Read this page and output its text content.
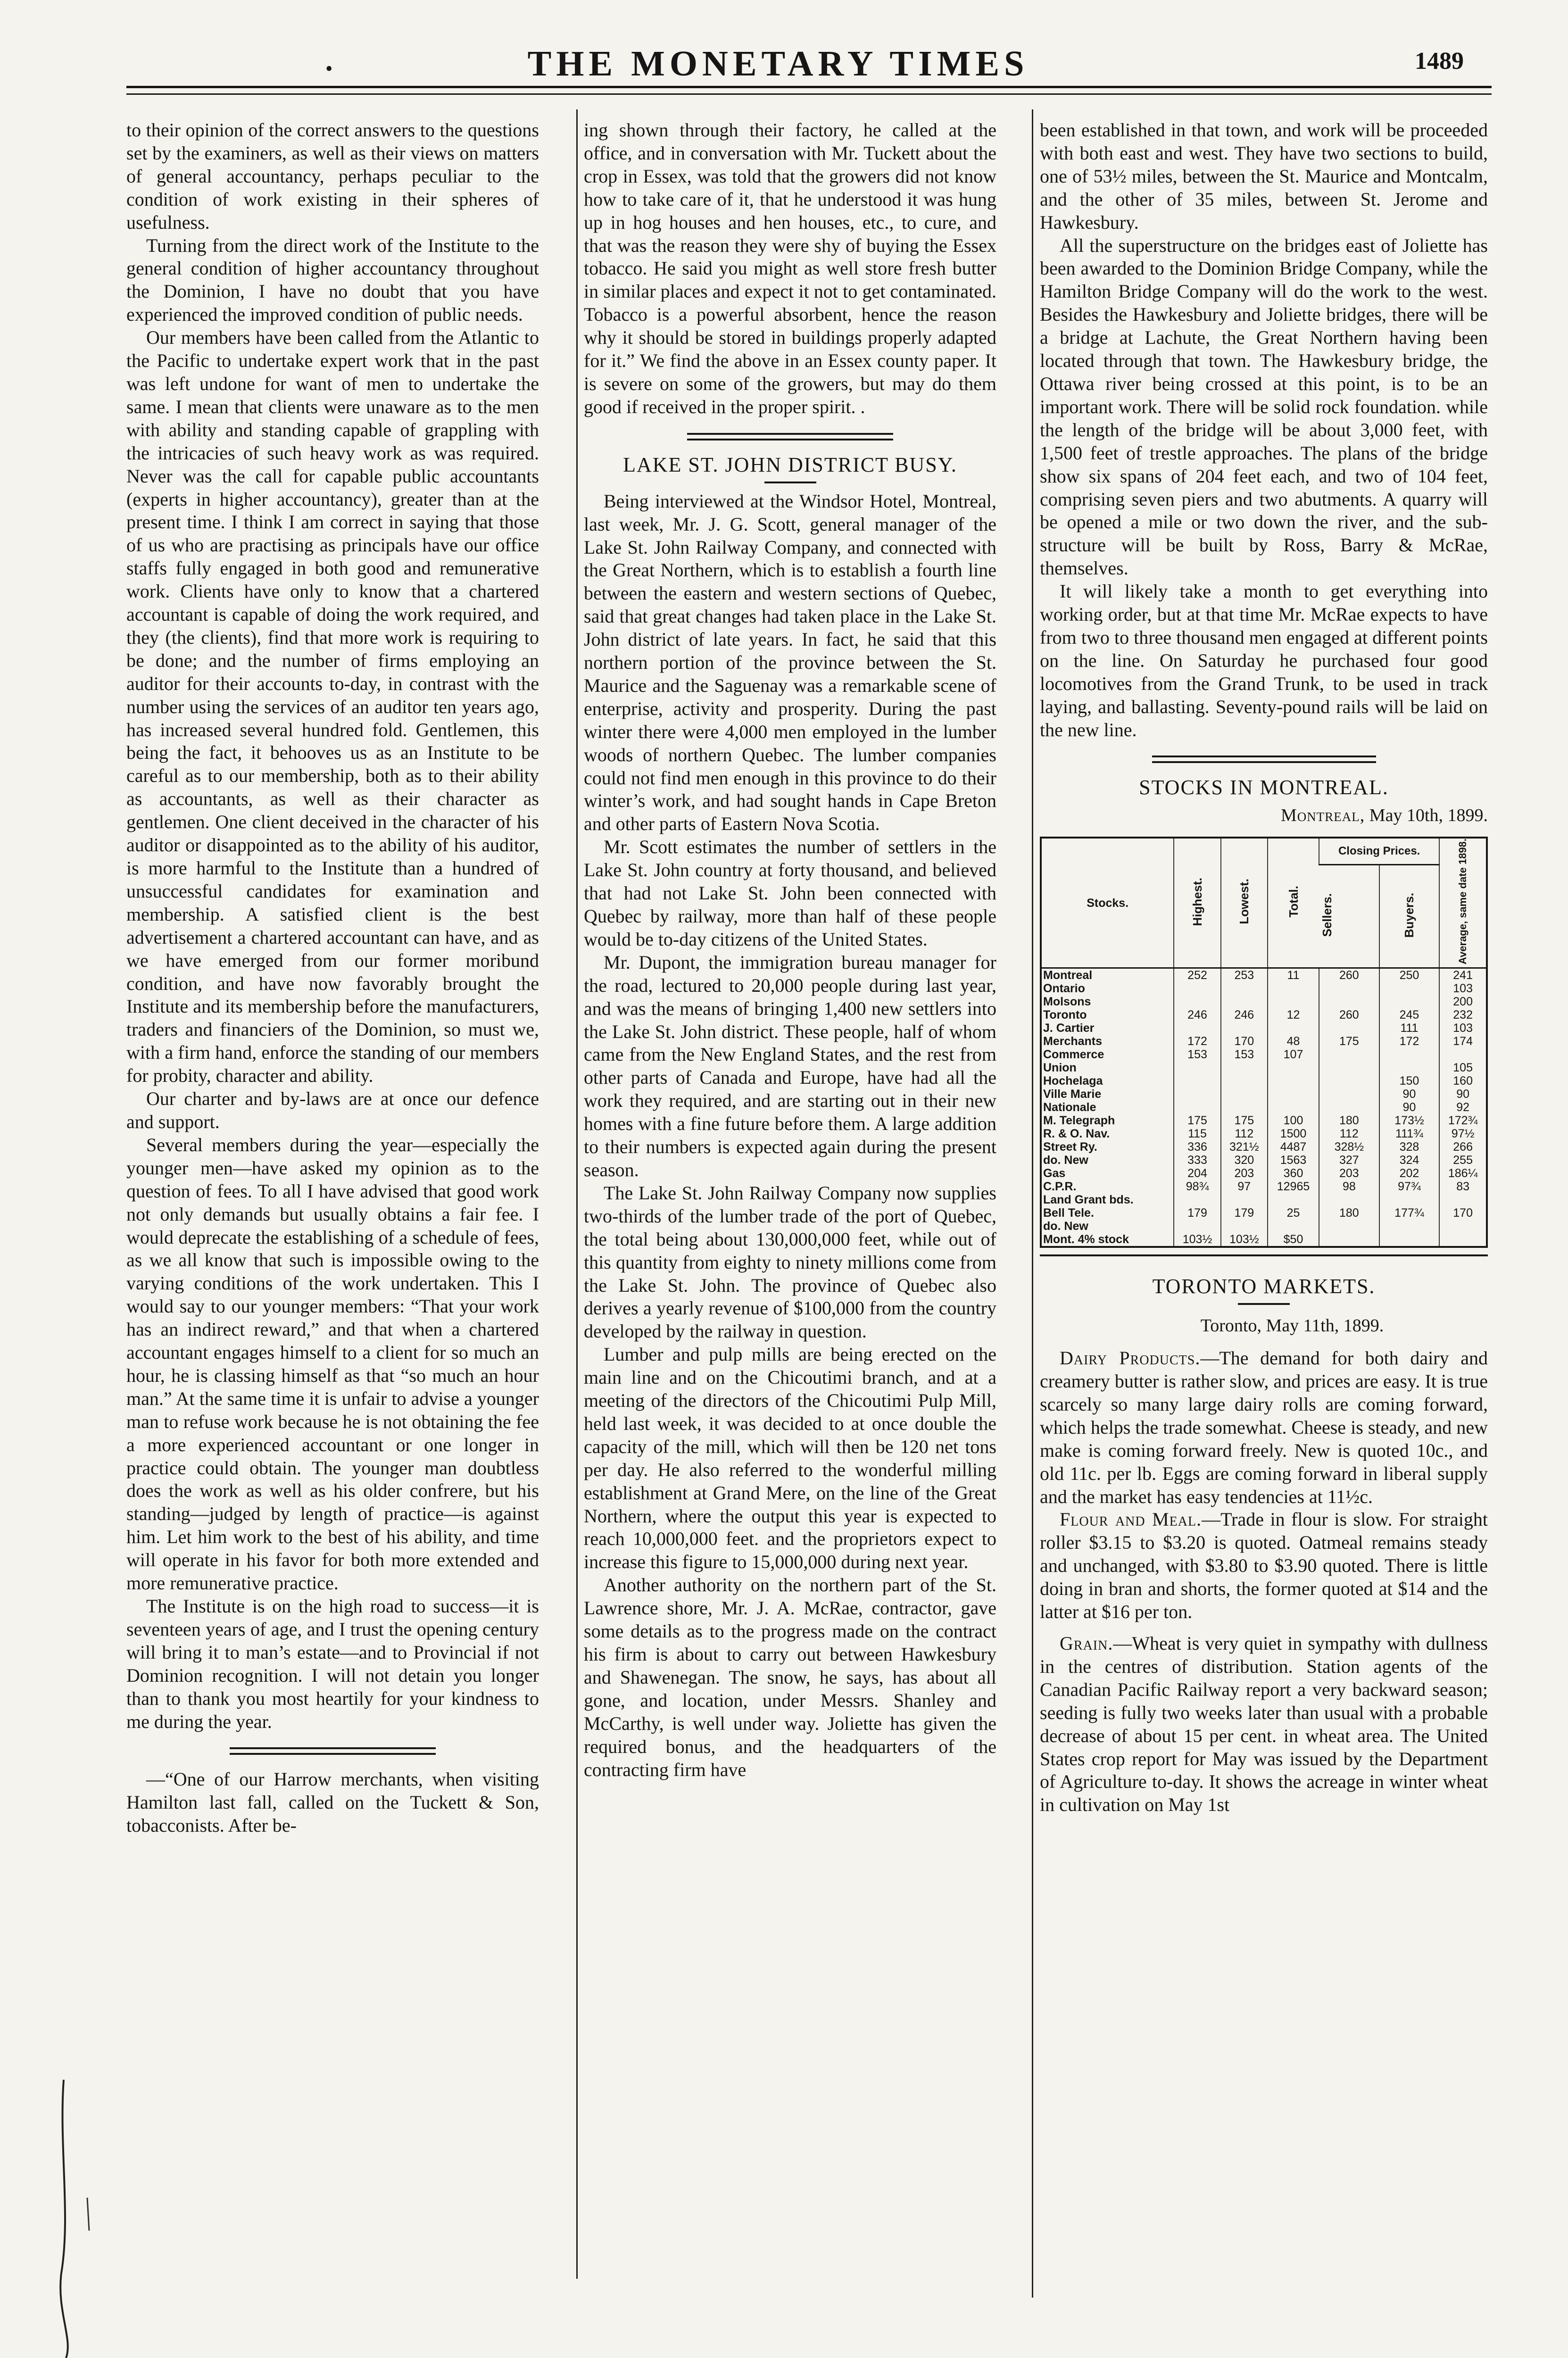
•	THE MONETARY TIMES	1489

to their opinion of the correct answers to the questions set by the examiners, as well as their views on matters of general accountancy, perhaps peculiar to the condition of work existing in their spheres of usefulness.

Turning from the direct work of the Institute to the general condition of higher accountancy throughout the Dominion, I have no doubt that you have experienced the improved condition of public needs.

Our members have been called from the Atlantic to the Pacific to undertake expert work that in the past was left undone for want of men to undertake the same. I mean that clients were unaware as to the men with ability and standing capable of grappling with the intricacies of such heavy work as was required. Never was the call for capable public accountants (experts in higher accountancy), greater than at the present time. I think I am correct in saying that those of us who are practising as principals have our office staffs fully engaged in both good and remunerative work. Clients have only to know that a chartered accountant is capable of doing the work required, and they (the clients), find that more work is requiring to be done; and the number of firms employing an auditor for their accounts to-day, in contrast with the number using the services of an auditor ten years ago, has increased several hundred fold. Gentlemen, this being the fact, it behooves us as an Institute to be careful as to our membership, both as to their ability as accountants, as well as their character as gentlemen. One client deceived in the character of his auditor or disappointed as to the ability of his auditor, is more harmful to the Institute than a hundred of unsuccessful candidates for examination and membership. A satisfied client is the best advertisement a chartered accountant can have, and as we have emerged from our former moribund condition, and have now favorably brought the Institute and its membership before the manufacturers, traders and financiers of the Dominion, so must we, with a firm hand, enforce the standing of our members for probity, character and ability.

Our charter and by-laws are at once our defence and support.

Several members during the year—especially the younger men—have asked my opinion as to the question of fees. To all I have advised that good work not only demands but usually obtains a fair fee. I would deprecate the establishing of a schedule of fees, as we all know that such is impossible owing to the varying conditions of the work undertaken. This I would say to our younger members: “That your work has an indirect reward,” and that when a chartered accountant engages himself to a client for so much an hour, he is classing himself as that “so much an hour man.” At the same time it is unfair to advise a younger man to refuse work because he is not obtaining the fee a more experienced accountant or one longer in practice could obtain. The younger man doubtless does the work as well as his older confrere, but his standing—judged by length of practice—is against him. Let him work to the best of his ability, and time will operate in his favor for both more extended and more remunerative practice.

The Institute is on the high road to success—it is seventeen years of age, and I trust the opening century will bring it to man’s estate—and to Provincial if not Dominion recognition. I will not detain you longer than to thank you most heartily for your kindness to me during the year.

—“One of our Harrow merchants, when visiting Hamilton last fall, called on the Tuckett & Son, tobacconists. After be-

ing shown through their factory, he called at the office, and in conversation with Mr. Tuckett about the crop in Essex, was told that the growers did not know how to take care of it, that he understood it was hung up in hog houses and hen houses, etc., to cure, and that was the reason they were shy of buying the Essex tobacco. He said you might as well store fresh butter in similar places and expect it not to get contaminated. Tobacco is a powerful absorbent, hence the reason why it should be stored in buildings properly adapted for it.” We find the above in an Essex county paper. It is severe on some of the growers, but may do them good if received in the proper spirit. .

LAKE ST. JOHN DISTRICT BUSY.

Being interviewed at the Windsor Hotel, Montreal, last week, Mr. J. G. Scott, general manager of the Lake St. John Railway Company, and connected with the Great Northern, which is to establish a fourth line between the eastern and western sections of Quebec, said that great changes had taken place in the Lake St. John district of late years. In fact, he said that this northern portion of the province between the St. Maurice and the Saguenay was a remarkable scene of enterprise, activity and prosperity. During the past winter there were 4,000 men employed in the lumber woods of northern Quebec. The lumber companies could not find men enough in this province to do their winter’s work, and had sought hands in Cape Breton and other parts of Eastern Nova Scotia.

Mr. Scott estimates the number of settlers in the Lake St. John country at forty thousand, and believed that had not Lake St. John been connected with Quebec by railway, more than half of these people would be to-day citizens of the United States.

Mr. Dupont, the immigration bureau manager for the road, lectured to 20,000 people during last year, and was the means of bringing 1,400 new settlers into the Lake St. John district. These people, half of whom came from the New England States, and the rest from other parts of Canada and Europe, have had all the work they required, and are starting out in their new homes with a fine future before them. A large addition to their numbers is expected again during the present season.

The Lake St. John Railway Company now supplies two-thirds of the lumber trade of the port of Quebec, the total being about 130,000,000 feet, while out of this quantity from eighty to ninety millions come from the Lake St. John. The province of Quebec also derives a yearly revenue of $100,000 from the country developed by the railway in question.

Lumber and pulp mills are being erected on the main line and on the Chicoutimi branch, and at a meeting of the directors of the Chicoutimi Pulp Mill, held last week, it was decided to at once double the capacity of the mill, which will then be 120 net tons per day. He also referred to the wonderful milling establishment at Grand Mere, on the line of the Great Northern, where the output this year is expected to reach 10,000,000 feet. and the proprietors expect to increase this figure to 15,000,000 during next year.

Another authority on the northern part of the St. Lawrence shore, Mr. J. A. McRae, contractor, gave some details as to the progress made on the contract his firm is about to carry out between Hawkesbury and Shawenegan. The snow, he says, has about all gone, and location, under Messrs. Shanley and McCarthy, is well under way. Joliette has given the required bonus, and the headquarters of the contracting firm have

been established in that town, and work will be proceeded with both east and west. They have two sections to build, one of 53½ miles, between the St. Maurice and Montcalm, and the other of 35 miles, between St. Jerome and Hawkesbury.

All the superstructure on the bridges east of Joliette has been awarded to the Dominion Bridge Company, while the Hamilton Bridge Company will do the work to the west. Besides the Hawkesbury and Joliette bridges, there will be a bridge at Lachute, the Great Northern having been located through that town. The Hawkesbury bridge, the Ottawa river being crossed at this point, is to be an important work. There will be solid rock foundation. while the length of the bridge will be about 3,000 feet, with 1,500 feet of trestle approaches. The plans of the bridge show six spans of 204 feet each, and two of 104 feet, comprising seven piers and two abutments. A quarry will be opened a mile or two down the river, and the sub-structure will be built by Ross, Barry & McRae, themselves.

It will likely take a month to get everything into working order, but at that time Mr. McRae expects to have from two to three thousand men engaged at different points on the line. On Saturday he purchased four good locomotives from the Grand Trunk, to be used in track laying, and ballasting. Seventy-pound rails will be laid on the new line.

STOCKS IN MONTREAL.
Montreal, May 10th, 1899.
Stocks.	Highest.	Lowest.	Total.	Closing Prices.		Average, same date 1898.
				Sellers.	Buyers.	
Montreal	252	253	11	260	250	241
Ontario						103
Molsons						200
Toronto	246	246	12	260	245	232
J. Cartier					111	103
Merchants	172	170	48	175	172	174
Commerce	153	153	107			
Union						105
Hochelaga					150	160
Ville Marie					90	90
Nationale					90	92
M. Telegraph	175	175	100	180	173½	172¾
R. & O. Nav.	115	112	1500	112	111¾	97½
Street Ry.	336	321½	4487	328½	328	266
do. New	333	320	1563	327	324	255
Gas	204	203	360	203	202	186¼
C.P.R.	98¾	97	12965	98	97¾	83
Land Grant bds.						
Bell Tele.	179	179	25	180	177¾	170
do. New						
Mont. 4% stock	103½	103½	$50			
TORONTO MARKETS.
Toronto, May 11th, 1899.

Dairy Products.—The demand for both dairy and creamery butter is rather slow, and prices are easy. It is true scarcely so many large dairy rolls are coming forward, which helps the trade somewhat. Cheese is steady, and new make is coming forward freely. New is quoted 10c., and old 11c. per lb. Eggs are coming forward in liberal supply and the market has easy tendencies at 11½c.

Flour and Meal.—Trade in flour is slow. For straight roller $3.15 to $3.20 is quoted. Oatmeal remains steady and unchanged, with $3.80 to $3.90 quoted. There is little doing in bran and shorts, the former quoted at $14 and the latter at $16 per ton.

Grain.—Wheat is very quiet in sympathy with dullness in the centres of distribution. Station agents of the Canadian Pacific Railway report a very backward season; seeding is fully two weeks later than usual with a probable decrease of about 15 per cent. in wheat area. The United States crop report for May was issued by the Department of Agriculture to-day. It shows the acreage in winter wheat in cultivation on May 1st
